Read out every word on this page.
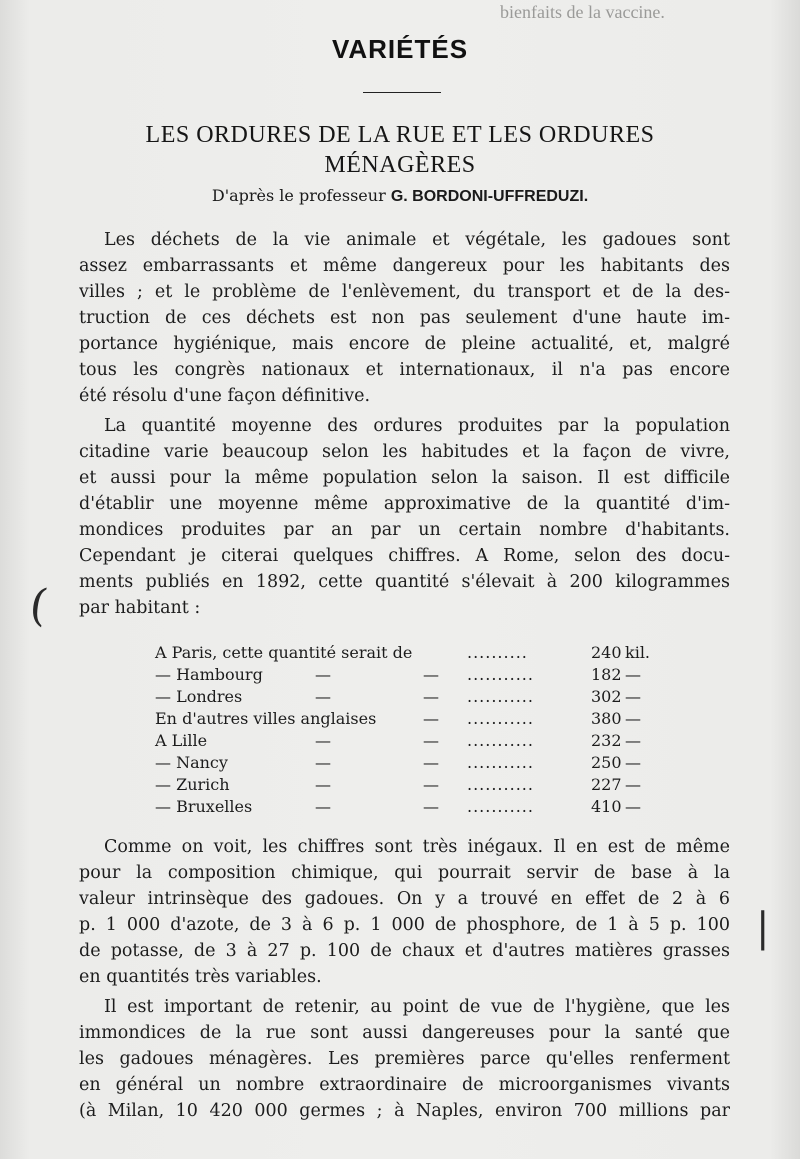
bienfaits de la vaccine.
VARIÉTÉS
LES ORDURES DE LA RUE ET LES ORDURES
MÉNAGÈRES
D'après le professeur G. BORDONI-UFFREDUZI.
Les déchets de la vie animale et végétale, les gadoues sont
assez embarrassants et même dangereux pour les habitants des
villes ; et le problème de l'enlèvement, du transport et de la des-
truction de ces déchets est non pas seulement d'une haute im-
portance hygiénique, mais encore de pleine actualité, et, malgré
tous les congrès nationaux et internationaux, il n'a pas encore
été résolu d'une façon définitive.
La quantité moyenne des ordures produites par la population
citadine varie beaucoup selon les habitudes et la façon de vivre,
et aussi pour la même population selon la saison. Il est difficile
d'établir une moyenne même approximative de la quantité d'im-
mondices produites par an par un certain nombre d'habitants.
Cependant je citerai quelques chiffres. A Rome, selon des docu-
ments publiés en 1892, cette quantité s'élevait à 200 kilogrammes
par habitant :
A Paris, cette quantité serait de	..........	240 kil.
— Hambourg	—	— ...........	182 —
— Londres	—	— ...........	302 —
En d'autres villes anglaises	— ...........	380 —
A Lille	—	— ...........	232 —
— Nancy	—	— ...........	250 —
— Zurich	—	— ...........	227 —
— Bruxelles	—	— ...........	410 —
Comme on voit, les chiffres sont très inégaux. Il en est de même
pour la composition chimique, qui pourrait servir de base à la
valeur intrinsèque des gadoues. On y a trouvé en effet de 2 à 6
p. 1 000 d'azote, de 3 à 6 p. 1 000 de phosphore, de 1 à 5 p. 100
de potasse, de 3 à 27 p. 100 de chaux et d'autres matières grasses
en quantités très variables.
Il est important de retenir, au point de vue de l'hygiène, que les
immondices de la rue sont aussi dangereuses pour la santé que
les gadoues ménagères. Les premières parce qu'elles renferment
en général un nombre extraordinaire de microorganismes vivants
(à Milan, 10 420 000 germes ; à Naples, environ 700 millions par
(
|
